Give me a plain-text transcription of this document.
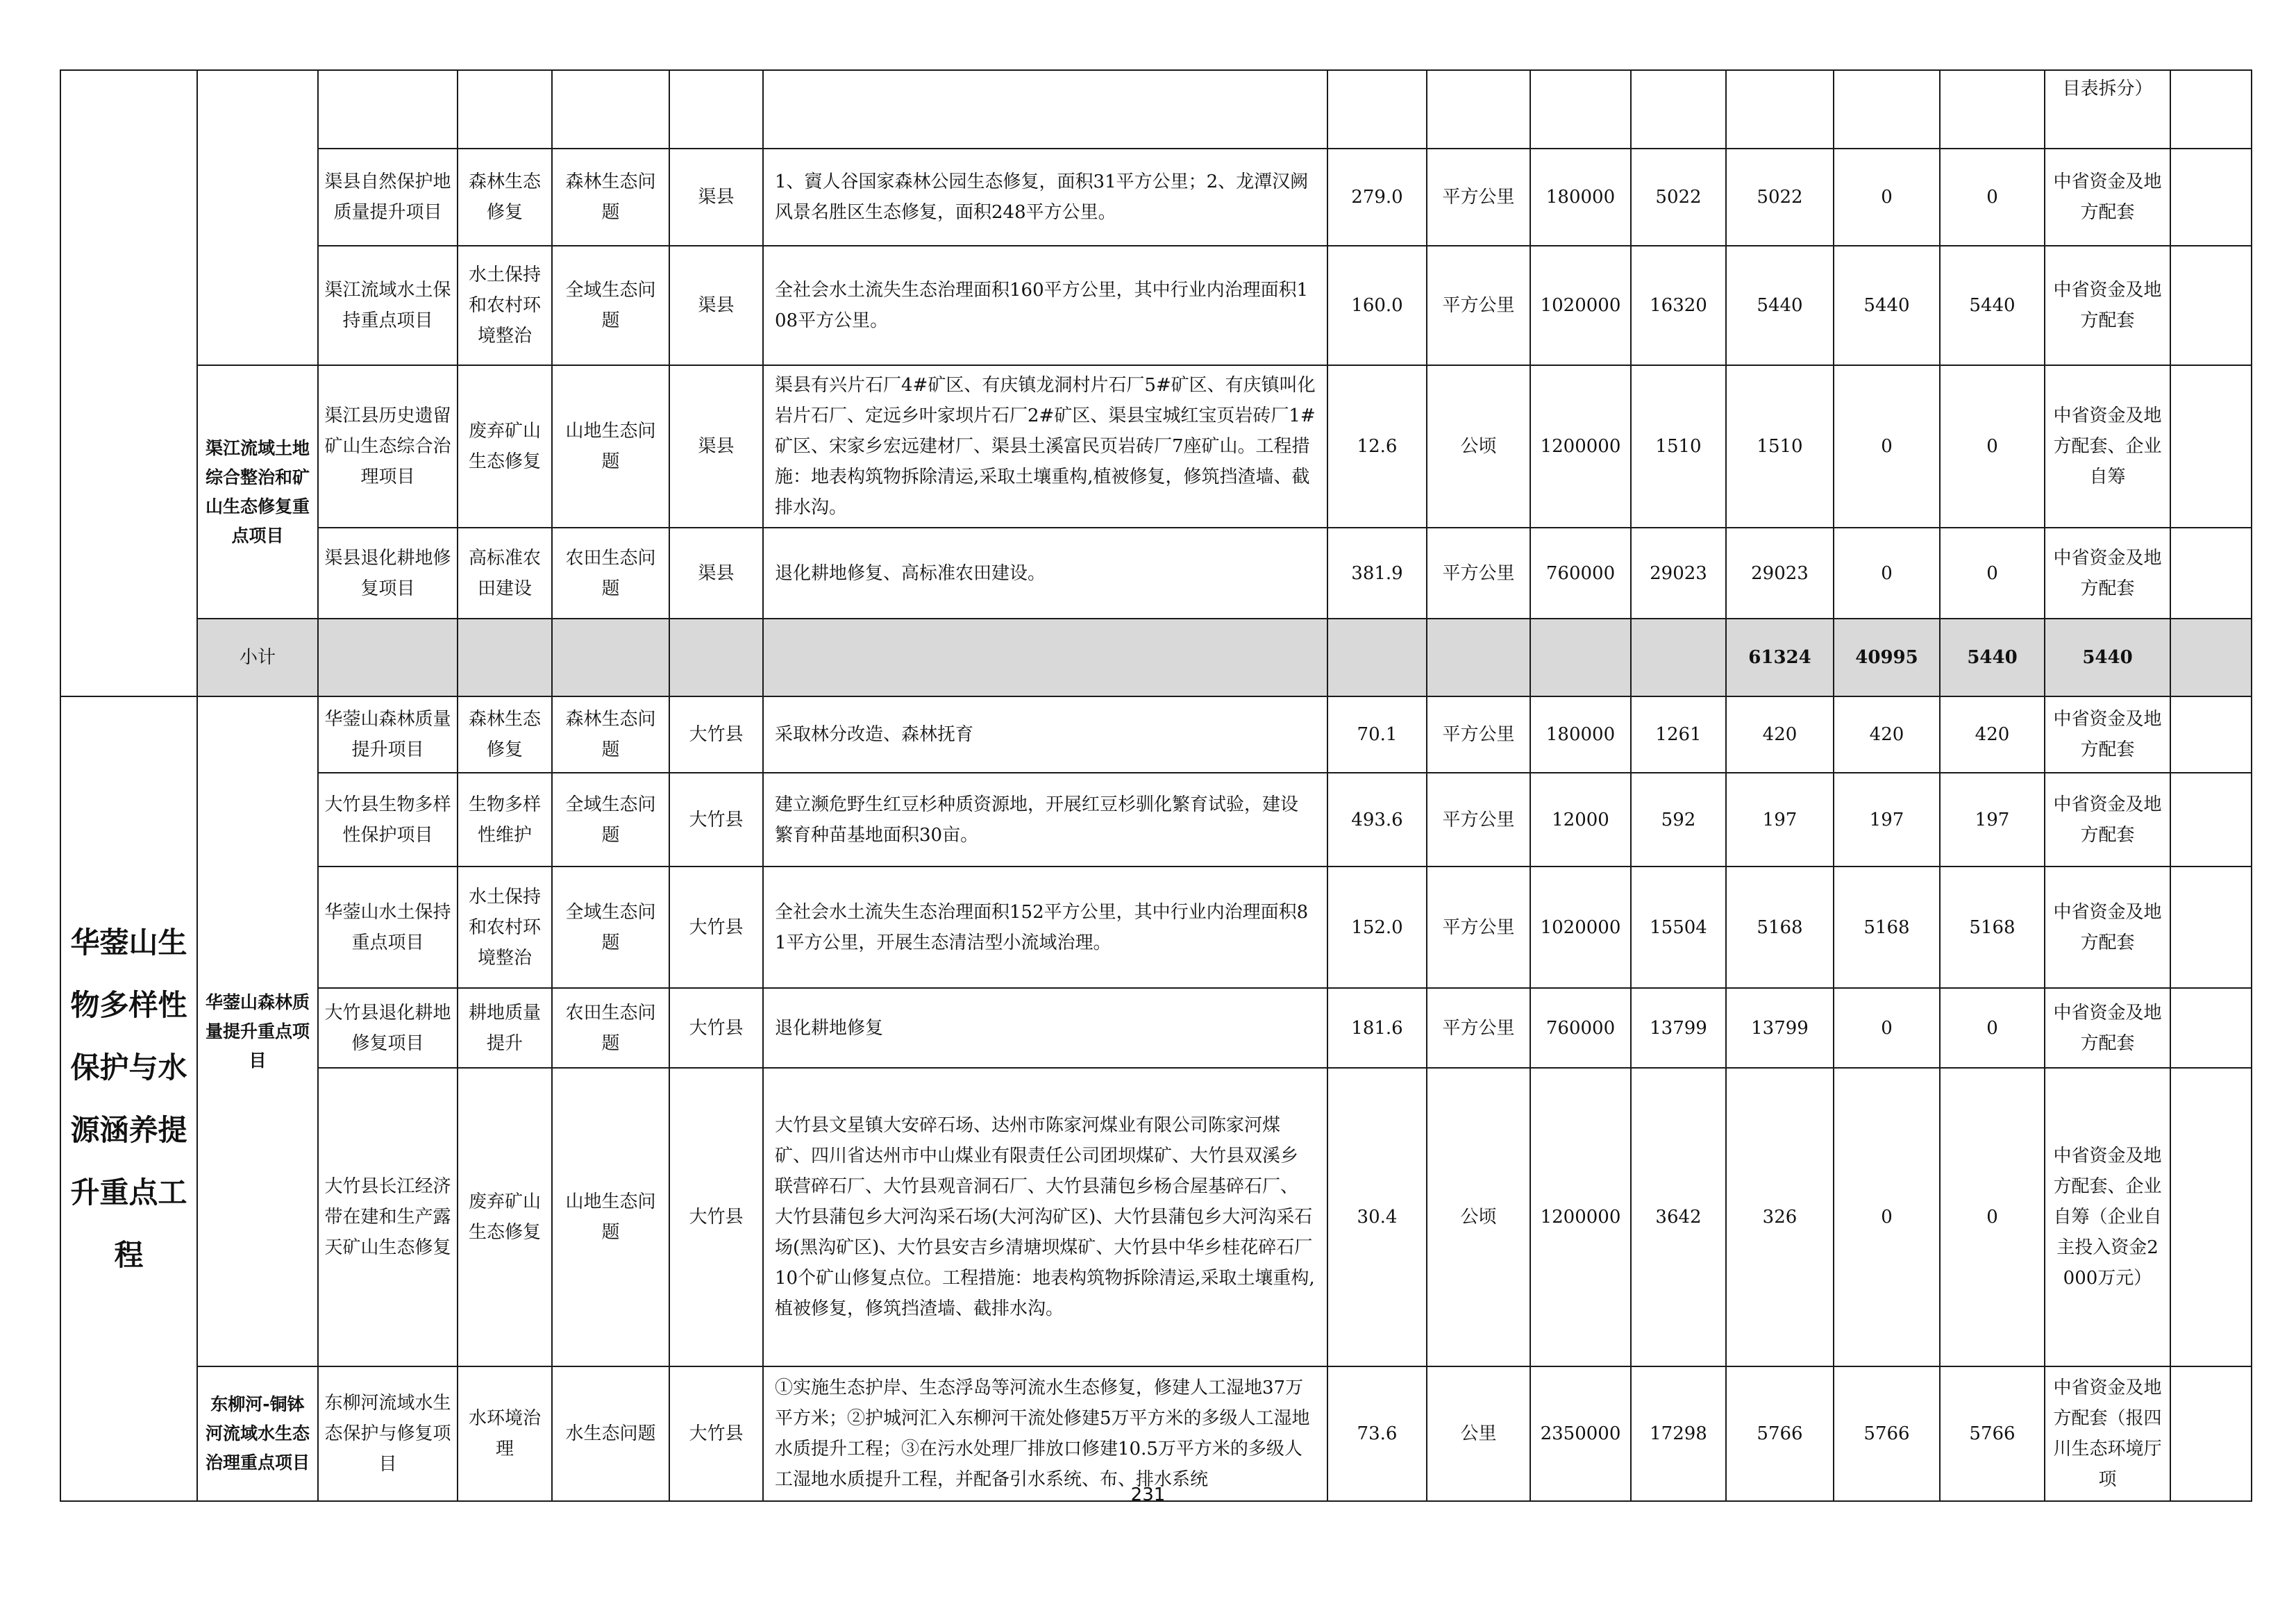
														目表拆分）		
		渠县自然保护地质量提升项目	森林生态修复	森林生态问题	渠县	1、賨人谷国家森林公园生态修复，面积31平方公里；2、龙潭汉阙风景名胜区生态修复，面积248平方公里。	279.0	平方公里	180000	5022	5022	0	0	中省资金及地方配套		
		渠江流域水土保持重点项目	水土保持和农村环境整治	全域生态问题	渠县	全社会水土流失生态治理面积160平方公里，其中行业内治理面积108平方公里。	160.0	平方公里	1020000	16320	5440	5440	5440	中省资金及地方配套		
	渠江流域土地综合整治和矿山生态修复重点项目	渠江县历史遗留矿山生态综合治理项目	废弃矿山生态修复	山地生态问题	渠县	渠县有兴片石厂4#矿区、有庆镇龙洞村片石厂5#矿区、有庆镇叫化岩片石厂、定远乡叶家坝片石厂2#矿区、渠县宝城红宝页岩砖厂1#矿区、宋家乡宏远建材厂、渠县土溪富民页岩砖厂7座矿山。工程措施：地表构筑物拆除清运,采取土壤重构,植被修复，修筑挡渣墙、截排水沟。	12.6	公顷	1200000	1510	1510	0	0	中省资金及地方配套、企业自筹		
		渠县退化耕地修复项目	高标准农田建设	农田生态问题	渠县	退化耕地修复、高标准农田建设。	381.9	平方公里	760000	29023	29023	0	0	中省资金及地方配套		
	小计										61324	40995	5440	5440		
华蓥山生物多样性保护与水源涵养提升重点工程	华蓥山森林质量提升重点项目	华蓥山森林质量提升项目	森林生态修复	森林生态问题	大竹县	采取林分改造、森林抚育	70.1	平方公里	180000	1261	420	420	420	中省资金及地方配套		
		大竹县生物多样性保护项目	生物多样性维护	全域生态问题	大竹县	建立濒危野生红豆杉种质资源地，开展红豆杉驯化繁育试验，建设繁育种苗基地面积30亩。	493.6	平方公里	12000	592	197	197	197	中省资金及地方配套		
		华蓥山水土保持重点项目	水土保持和农村环境整治	全域生态问题	大竹县	全社会水土流失生态治理面积152平方公里，其中行业内治理面积81平方公里，开展生态清洁型小流域治理。	152.0	平方公里	1020000	15504	5168	5168	5168	中省资金及地方配套		
		大竹县退化耕地修复项目	耕地质量提升	农田生态问题	大竹县	退化耕地修复	181.6	平方公里	760000	13799	13799	0	0	中省资金及地方配套		
		大竹县长江经济带在建和生产露天矿山生态修复	废弃矿山生态修复	山地生态问题	大竹县	大竹县文星镇大安碎石场、达州市陈家河煤业有限公司陈家河煤矿、四川省达州市中山煤业有限责任公司团坝煤矿、大竹县双溪乡联营碎石厂、大竹县观音洞石厂、大竹县蒲包乡杨合屋基碎石厂、大竹县蒲包乡大河沟采石场(大河沟矿区)、大竹县蒲包乡大河沟采石场(黑沟矿区)、大竹县安吉乡清塘坝煤矿、大竹县中华乡桂花碎石厂10个矿山修复点位。工程措施：地表构筑物拆除清运,采取土壤重构,植被修复，修筑挡渣墙、截排水沟。	30.4	公顷	1200000	3642	326	0	0	中省资金及地方配套、企业自筹（企业自主投入资金2000万元）		
	东柳河-铜钵河流域水生态治理重点项目	东柳河流域水生态保护与修复项目	水环境治理	水生态问题	大竹县	①实施生态护岸、生态浮岛等河流水生态修复，修建人工湿地37万平方米；②护城河汇入东柳河干流处修建5万平方米的多级人工湿地水质提升工程；③在污水处理厂排放口修建10.5万平方米的多级人工湿地水质提升工程，并配备引水系统、布、排水系统	73.6	公里	2350000	17298	5766	5766	5766	中省资金及地方配套（报四川生态环境厅项		
231
